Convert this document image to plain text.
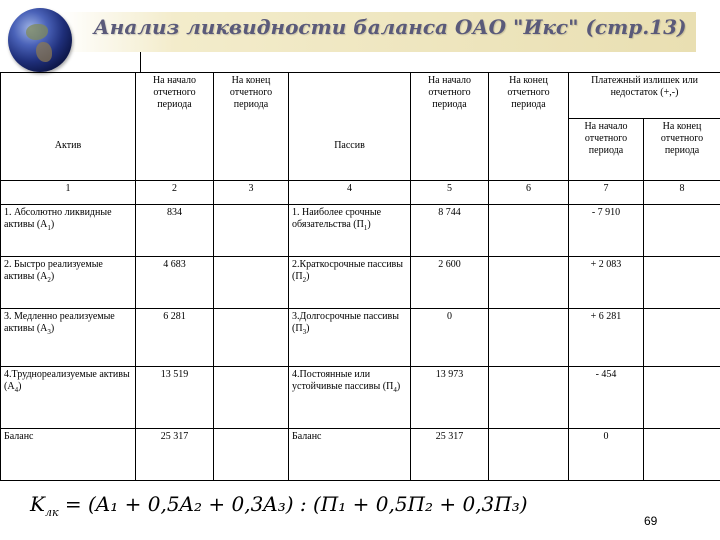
Анализ ликвидности баланса ОАО "Икс" (стр.13)
Актив	На начало отчетного периода	На конец отчетного периода	Пассив	На начало отчетного периода	На конец отчетного периода	Платежный излишек или недостаток (+,-)	
						На начало отчетного периода	На конец отчетного периода
1	2	3	4	5	6	7	8
1. Абсолютно ликвидные активы $(А_1)$	834		1. Наиболее срочные обязательства $(П_1)$	8 744		- 7 910	
2. Быстро реализуемые активы $(А_2)$	4 683		2.Краткосрочные пассивы $(П_2)$	2 600		+ 2 083	
3. Медленно реализуемые активы $(А_3)$	6 281		3.Долгосрочные пассивы $(П_3)$	0		+ 6 281	
4.Труднореализуемые активы $(А_4)$	13 519		4.Постоянные или устойчивые пассивы $(П_4)$	13 973		- 454	
Баланс	25 317		Баланс	25 317		0	
$K_{лк} = (A_1 + 0,5A_2 + 0,3A_3)$ : (П₁ + 0,5П₂ + 0,3П₃)
69
